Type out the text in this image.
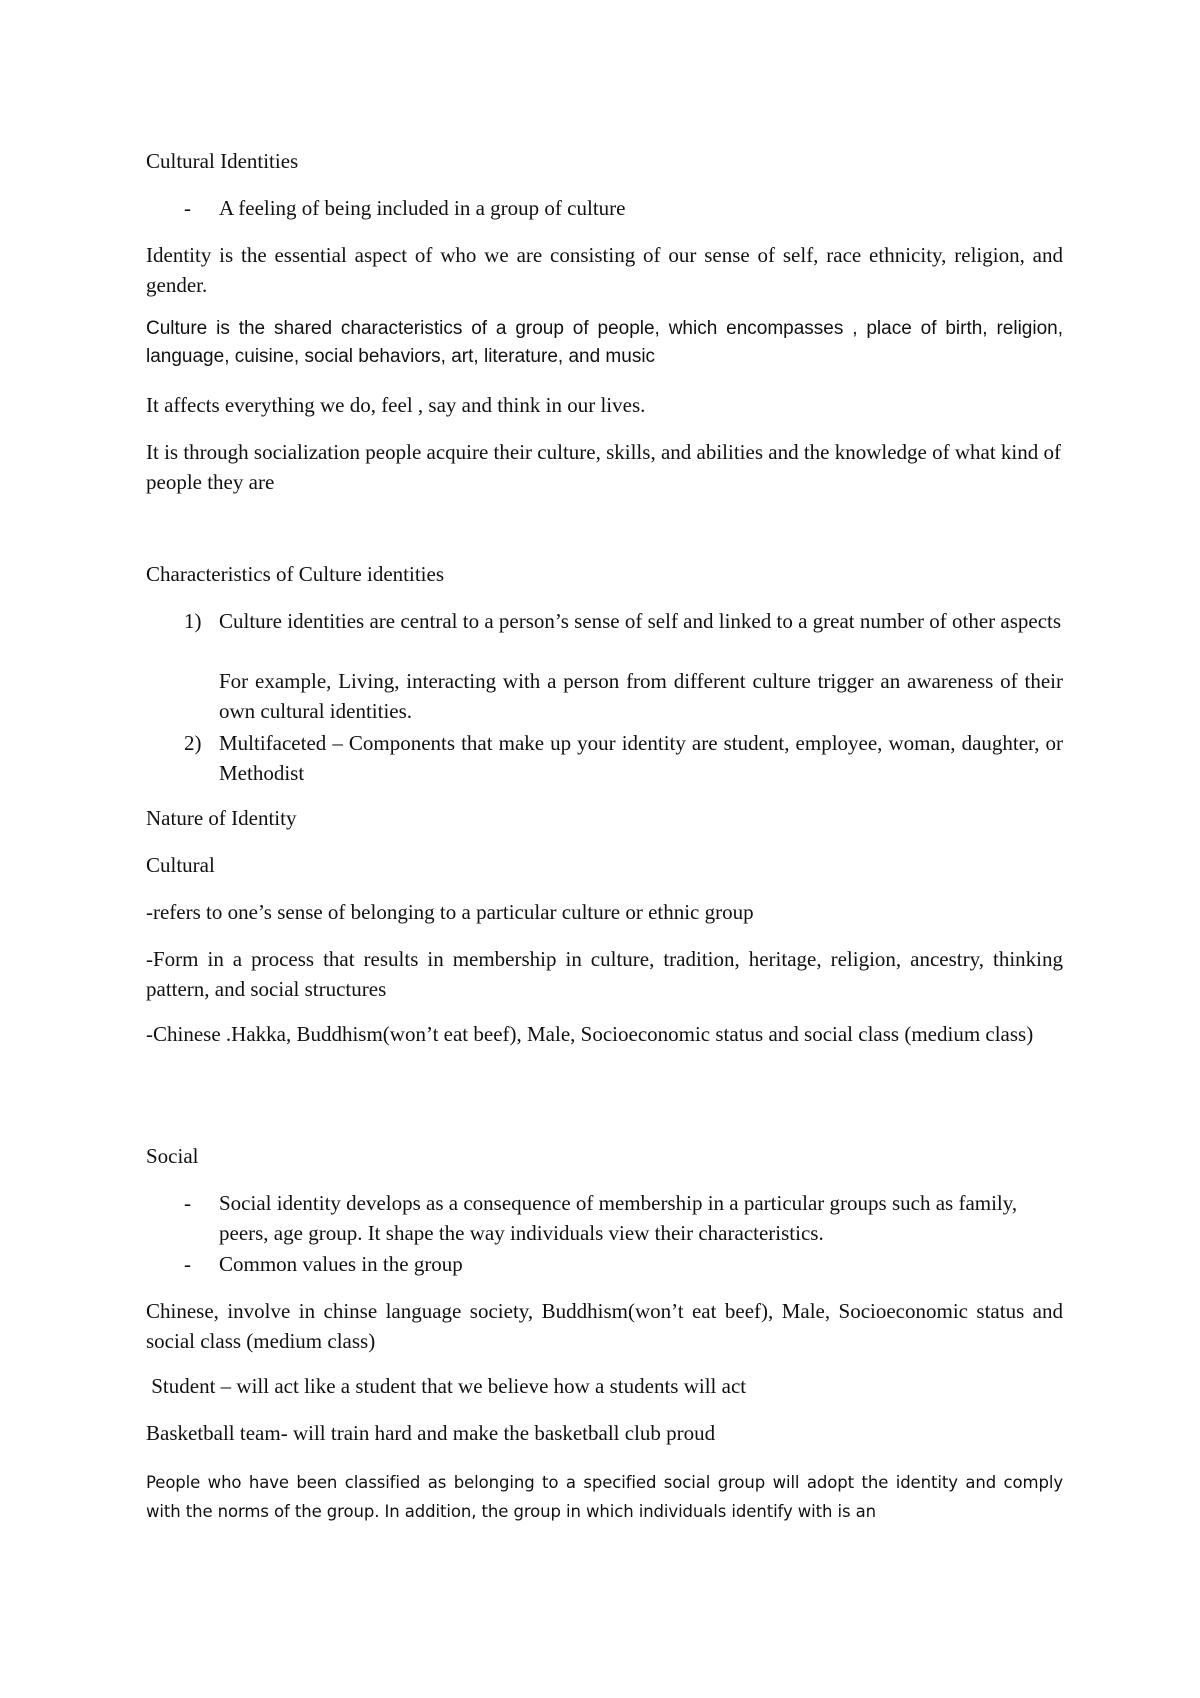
Cultural Identities

- A feeling of being included in a group of culture

Identity is the essential aspect of who we are consisting of our sense of self, race ethnicity, religion, and gender.

Culture is the shared characteristics of a group of people, which encompasses , place of birth, religion, language, cuisine, social behaviors, art, literature, and music

It affects everything we do, feel , say and think in our lives.

It is through socialization people acquire their culture, skills, and abilities and the knowledge of what kind of people they are

Characteristics of Culture identities

1) Culture identities are central to a person’s sense of self and linked to a great number of other aspects
For example, Living, interacting with a person from different culture trigger an awareness of their own cultural identities.
2) Multifaceted – Components that make up your identity are student, employee, woman, daughter, or Methodist

Nature of Identity

Cultural

-refers to one’s sense of belonging to a particular culture or ethnic group

-Form in a process that results in membership in culture, tradition, heritage, religion, ancestry, thinking pattern, and social structures

-Chinese .Hakka, Buddhism(won’t eat beef), Male, Socioeconomic status and social class (medium class)

Social

- Social identity develops as a consequence of membership in a particular groups such as family, peers, age group. It shape the way individuals view their characteristics.
- Common values in the group

Chinese, involve in chinse language society, Buddhism(won’t eat beef), Male, Socioeconomic status and social class (medium class)

Student – will act like a student that we believe how a students will act

Basketball team- will train hard and make the basketball club proud

People who have been classified as belonging to a specified social group will adopt the identity and comply with the norms of the group. In addition, the group in which individuals identify with is an
